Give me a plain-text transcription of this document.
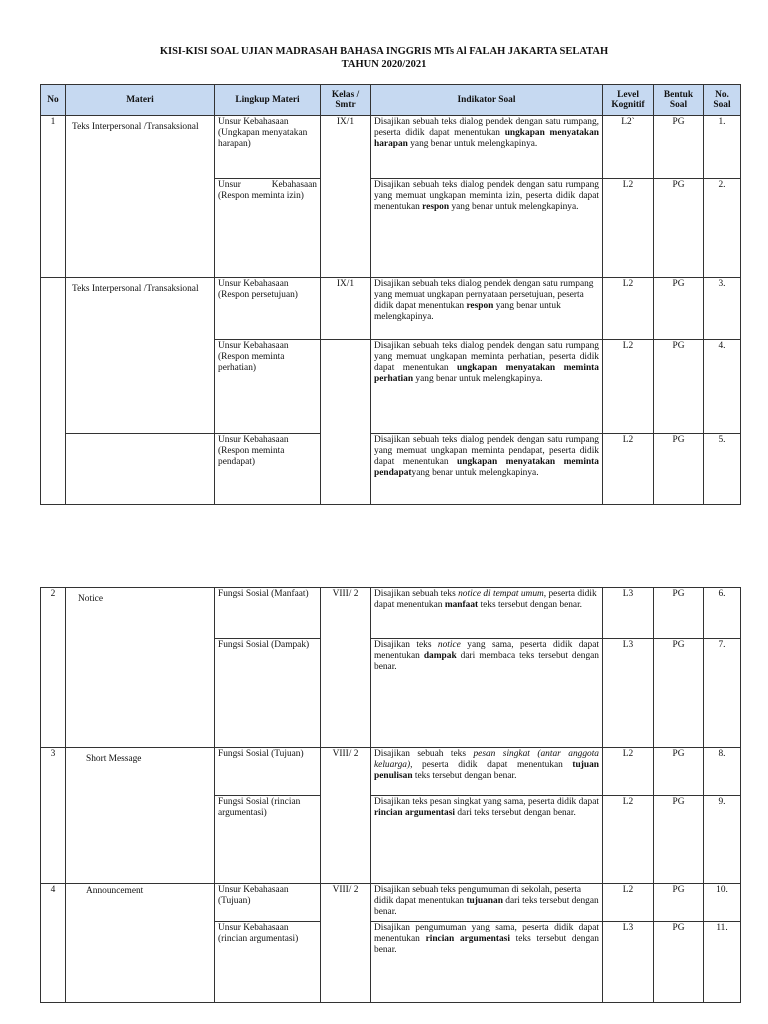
KISI-KISI SOAL UJIAN MADRASAH BAHASA INGGRIS MTs Al FALAH JAKARTA SELATAH
TAHUN 2020/2021
No	Materi	Lingkup Materi	Kelas / Smtr	Indikator Soal	Level Kognitif	Bentuk Soal	No. Soal
1	Teks Interpersonal /Transaksional	Unsur Kebahasaan (Ungkapan menyatakan harapan)	IX/1	Disajikan sebuah teks dialog pendek dengan satu rumpang, peserta didik dapat menentukan ungkapan menyatakan harapan yang benar untuk melengkapinya.	L2`	PG	1.
		Unsur Kebahasaan (Respon meminta izin)		Disajikan sebuah teks dialog pendek dengan satu rumpang yang memuat ungkapan meminta izin, peserta didik dapat menentukan respon yang benar untuk melengkapinya.	L2	PG	2.
	Teks Interpersonal /Transaksional	Unsur Kebahasaan (Respon persetujuan)	IX/1	Disajikan sebuah teks dialog pendek dengan satu rumpang yang memuat ungkapan pernyataan persetujuan, peserta didik dapat menentukan respon yang benar untuk melengkapinya.	L2	PG	3.
		Unsur Kebahasaan (Respon meminta perhatian)		Disajikan sebuah teks dialog pendek dengan satu rumpang yang memuat ungkapan meminta perhatian, peserta didik dapat menentukan ungkapan menyatakan meminta perhatian yang benar untuk melengkapinya.	L2	PG	4.
		Unsur Kebahasaan (Respon meminta pendapat)		Disajikan sebuah teks dialog pendek dengan satu rumpang yang memuat ungkapan meminta pendapat, peserta didik dapat menentukan ungkapan menyatakan meminta pendapatyang benar untuk melengkapinya.	L2	PG	5.
2	Notice	Fungsi Sosial (Manfaat)	VIII/ 2	Disajikan sebuah teks notice di tempat umum, peserta didik dapat menentukan manfaat teks tersebut dengan benar.	L3	PG	6.
		Fungsi Sosial (Dampak)		Disajikan teks notice yang sama, peserta didik dapat menentukan dampak dari membaca teks tersebut dengan benar.	L3	PG	7.
3	Short Message	Fungsi Sosial (Tujuan)	VIII/ 2	Disajikan sebuah teks pesan singkat (antar anggota keluarga), peserta didik dapat menentukan tujuan penulisan teks tersebut dengan benar.	L2	PG	8.
		Fungsi Sosial (rincian argumentasi)		Disajikan teks pesan singkat yang sama, peserta didik dapat rincian argumentasi dari teks tersebut dengan benar.	L2	PG	9.
4	Announcement	Unsur Kebahasaan (Tujuan)	VIII/ 2	Disajikan sebuah teks pengumuman di sekolah, peserta didik dapat menentukan tujuanan dari teks tersebut dengan benar.	L2	PG	10.
		Unsur Kebahasaan (rincian argumentasi)		Disajikan pengumuman yang sama, peserta didik dapat menentukan rincian argumentasi teks tersebut dengan benar.	L3	PG	11.
